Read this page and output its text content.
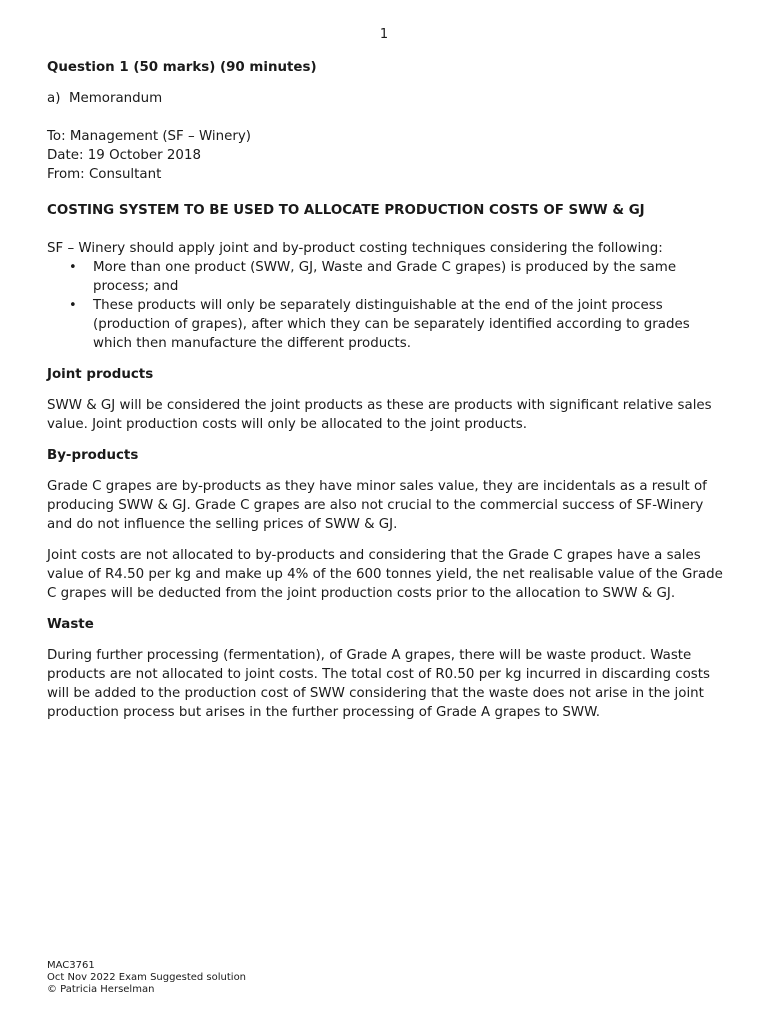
1

Question 1 (50 marks) (90 minutes)

a)  Memorandum

To: Management (SF – Winery)

Date: 19 October 2018

From: Consultant

COSTING SYSTEM TO BE USED TO ALLOCATE PRODUCTION COSTS OF SWW & GJ

SF – Winery should apply joint and by-product costing techniques considering the following:

• More than one product (SWW, GJ, Waste and Grade C grapes) is produced by the same process; and
• These products will only be separately distinguishable at the end of the joint process (production of grapes), after which they can be separately identified according to grades which then manufacture the different products.

Joint products

SWW & GJ will be considered the joint products as these are products with significant relative sales value. Joint production costs will only be allocated to the joint products.

By-products

Grade C grapes are by-products as they have minor sales value, they are incidentals as a result of producing SWW & GJ. Grade C grapes are also not crucial to the commercial success of SF-Winery and do not influence the selling prices of SWW & GJ.

Joint costs are not allocated to by-products and considering that the Grade C grapes have a sales value of R4.50 per kg and make up 4% of the 600 tonnes yield, the net realisable value of the Grade C grapes will be deducted from the joint production costs prior to the allocation to SWW & GJ.

Waste

During further processing (fermentation), of Grade A grapes, there will be waste product. Waste products are not allocated to joint costs. The total cost of R0.50 per kg incurred in discarding costs will be added to the production cost of SWW considering that the waste does not arise in the joint production process but arises in the further processing of Grade A grapes to SWW.

MAC3761
Oct Nov 2022 Exam Suggested solution
© Patricia Herselman
